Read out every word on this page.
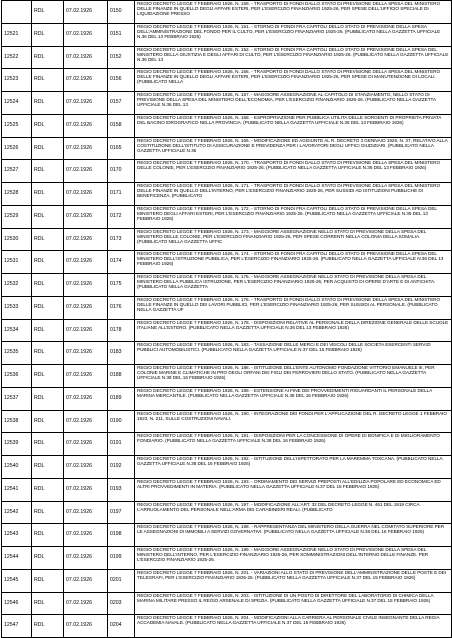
	RDL	07.02.1926	0150	REGIO DECRETO LEGGE 7 FEBBRAIO 1926, N. 159. - TRASPORTO DI FONDI DALLO STATO DI PREVISIONE DELLA SPESA DEL MINISTERO DELLE FINANZE IN QUELLO DEGLI AFFARI ESTERI, PER L'ESERCIZIO FINANZIARIO 1925-26, PER SPESE DELL'UFFICIO SPECIALE DI LIQUIDAZIONE PRESSO
12521	RDL	07.02.1926	0151	REGIO DECRETO LEGGE 7 FEBBRAIO 1926, N. 151. - STORNO DI FONDI FRA CAPITOLI DELLO STATO DI PREVISIONE DELLA SPESA DELL'AMMINISTRAZIONE DEL FONDO PER IL CULTO, PER L'ESERCIZIO FINANZIARIO 1925-26. (PUBBLICATO NELLA GAZZETTA UFFICIALE N.36 DEL 13 FEBBRAIO 1926)
12522	RDL	07.02.1926	0152	REGIO DECRETO LEGGE 7 FEBBRAIO 1926, N. 152. - STORNO DI FONDI FRA CAPITOLI DELLO STATO DI PREVISIONE DELLA SPESA DEL MINISTERO DELLA GIUSTIZIA E DEGLI AFFARI DI CULTO, PER L'ESERCIZIO FINANZIARIO 1925-26. (PUBBLICATO NELLA GAZZETTA UFFICIALE N.36 DEL 13
12523	RDL	07.02.1926	0156	REGIO DECRETO LEGGE 7 FEBBRAIO 1926, N. 156. - TRASPORTO DI FONDI DALLO STATO DI PREVISIONE DELLA SPESA DEL MINISTERO DELLE FINANZE IN QUELLO DEGLI AFFARI ESTERI, PER L'ESERCIZIO FINANZIARIO 1925-26, PER SPESE DI MANUTENZIONE DI LOCALI. (PUBBLICATO NELLA
12524	RDL	07.02.1926	0157	REGIO DECRETO LEGGE 7 FEBBRAIO 1926, N. 157. - MAGGIORE ASSEGNAZIONE AL CAPITOLO DI STANZIAMENTO, NELLO STATO DI PREVISIONE DELLA SPESA DEL MINISTERO DELL'ECONOMIA, PER L'ESERCIZIO FINANZIARIO 1925-26. (PUBBLICATO NELLA GAZZETTA UFFICIALE N.36 DEL 13
12525	RDL	07.02.1926	0158	REGIO DECRETO LEGGE 7 FEBBRAIO 1926, N. 158. - ESPROPRIAZIONE PER PUBBLICA UTILITA DELLE SORGENTI DI PROPRIETA PRIVATA DEL BACINO IDROGRAFICO NELLA PROVINCIA. (PUBBLICATO NELLA GAZZETTA UFFICIALE N.36 DEL 13 FEBBRAIO 1926)
12526	RDL	07.02.1926	0165	REGIO DECRETO LEGGE 7 FEBBRAIO 1926, N. 165. - MODIFICAZIONE ED AGGIUNTE AL R. DECRETO 3 GENNAIO 1926, N. 37, RELATIVO ALLA COSTITUZIONE DELL'ISTITUTO DI ASSICURAZIONE E PREVIDENZA PER I LAVORATORI DEGLI UFFICI GIUDIZIARI. (PUBBLICATO NELLA GAZZETTA UFFICIALE N.36
12527	RDL	07.02.1926	0170	REGIO DECRETO LEGGE 7 FEBBRAIO 1926, N. 170. - TRASPORTO DI FONDI DALLO STATO DI PREVISIONE DELLA SPESA DEL MINISTERO DELLE COLONIE, PER L'ESERCIZIO FINANZIARIO 1925-26. (PUBBLICATO NELLA GAZZETTA UFFICIALE N.36 DEL 13 FEBBRAIO 1926)
12528	RDL	07.02.1926	0171	REGIO DECRETO LEGGE 7 FEBBRAIO 1926, N. 171. - TRASPORTO DI FONDI DALLO STATO DI PREVISIONE DELLA SPESA DEL MINISTERO DELLE FINANZE IN QUELLO DELL'INTERNO, PER L'ESERCIZIO FINANZIARIO 1925-26, PER SUSSIDI AD ISTITUZIONI PUBBLICHE DI BENEFICENZA. (PUBBLICATO
12529	RDL	07.02.1926	0172	REGIO DECRETO LEGGE 7 FEBBRAIO 1926, N. 172. - STORNO DI FONDI FRA CAPITOLI DELLO STATO DI PREVISIONE DELLA SPESA DEL MINISTERO DEGLI AFFARI ESTERI, PER L'ESERCIZIO FINANZIARIO 1925-26. (PUBBLICATO NELLA GAZZETTA UFFICIALE N.36 DEL 13 FEBBRAIO 1926)
12530	RDL	07.02.1926	0173	REGIO DECRETO LEGGE 7 FEBBRAIO 1926, N. 173. - MAGGIORE ASSEGNAZIONE NELLO STATO DI PREVISIONE DELLA SPESA DEL MINISTERO DELLE COLONIE, PER L'ESERCIZIO FINANZIARIO 1925-26, PER SPESE CORRENTI NELLA COLONIA DELLA SOMALIA. (PUBBLICATO NELLA GAZZETTA UFFIC
12531	RDL	07.02.1926	0174	REGIO DECRETO LEGGE 7 FEBBRAIO 1926, N. 174. - STORNO DI FONDI FRA CAPITOLI DELLO STATO DI PREVISIONE DELLA SPESA DEL MINISTERO DELL'ISTRUZIONE PUBBLICA, PER L'ESERCIZIO FINANZIARIO 1925-26. (PUBBLICATO NELLA GAZZETTA UFFICIALE N.36 DEL 13 FEBBRAIO 1926)
12532	RDL	07.02.1926	0175	REGIO DECRETO LEGGE 7 FEBBRAIO 1926, N. 175. - MAGGIORE ASSEGNAZIONE NELLO STATO DI PREVISIONE DELLA SPESA DEL MINISTERO DELLA PUBBLICA ISTRUZIONE, PER L'ESERCIZIO FINANZIARIO 1925-26, PER ACQUISTO DI OPERE D'ARTE E DI ANTICHITA. (PUBBLICATO NELLA GAZZETTA
12533	RDL	07.02.1926	0176	REGIO DECRETO LEGGE 7 FEBBRAIO 1926, N. 176. - TRASPORTO DI FONDI DALLO STATO DI PREVISIONE DELLA SPESA DEL MINISTERO DELLE FINANZE IN QUELLO DEI LAVORI PUBBLICI, PER L'ESERCIZIO FINANZIARIO 1925-26, PER SUSSIDI AL PERSONALE. (PUBBLICATO NELLA GAZZETTA UF
12534	RDL	07.02.1926	0178	REGIO DECRETO LEGGE 7 FEBBRAIO 1926, N. 178. - DISPOSIZIONI RELATIVE AL PERSONALE DELLA DIREZIONE GENERALE DELLE SCUOLE ITALIANE ALL'ESTERO. (PUBBLICATO NELLA GAZZETTA UFFICIALE N.36 DEL 13 FEBBRAIO 1926)
12535	RDL	07.02.1926	0183	REGIO DECRETO LEGGE 7 FEBBRAIO 1926, N. 183. - TASSAZIONE DELLE MERCI E DEI VEICOLI DELLE SOCIETA ESERCENTI SERVIZI PUBBLICI AUTOMOBILISTICI. (PUBBLICATO NELLA GAZZETTA UFFICIALE N.37 DEL 15 FEBBRAIO 1926)
12536	RDL	07.02.1926	0188	REGIO DECRETO LEGGE 7 FEBBRAIO 1926, N. 188. - ISTITUZIONE DELL'ENTE AUTONOMO FONDAZIONE VITTORIO EMANUELE III, PER COLONIE MARINE E CLIMATICHE IN PRO DEGLI ORFANI DEI FIGLI DEI FERROVIERI DELLO STATO. (PUBBLICATO NELLA GAZZETTA UFFICIALE N.38 DEL 16 FEBBRAIO 1926)
12537	RDL	07.02.1926	0189	REGIO DECRETO LEGGE 7 FEBBRAIO 1926, N. 189. - ESTENSIONE AI FINE DEI PROVVEDIMENTI RIGUARDANTI IL PERSONALE DELLA MARINA MERCANTILE. (PUBBLICATO NELLA GAZZETTA UFFICIALE N.38 DEL 16 FEBBRAIO 1926)
12538	RDL	07.02.1926	0190	REGIO DECRETO LEGGE 7 FEBBRAIO 1926, N. 190. - INTEGRAZIONE DEI FONDI PER L'APPLICAZIONE DEL R. DECRETO LEGGE 1 FEBBRAIO 1923, N. 211, SULLE COSTRUZIONI NAVALI.
12539	RDL	07.02.1926	0191	REGIO DECRETO LEGGE 7 FEBBRAIO 1926, N. 191. - DISPOSIZIONI PER LA CONCESSIONE DI OPERE DI BONIFICA E DI MIGLIORAMENTO FONDIARIO. (PUBBLICATO NELLA GAZZETTA UFFICIALE N.38 DEL 16 FEBBRAIO 1926)
12540	RDL	07.02.1926	0192	REGIO DECRETO LEGGE 7 FEBBRAIO 1926, N. 192. - ISTITUZIONE DELL'ISPETTORATO PER LA MAREMMA TOSCANA. (PUBBLICATO NELLA GAZZETTA UFFICIALE N.38 DEL 16 FEBBRAIO 1926)
12541	RDL	07.02.1926	0193	REGIO DECRETO LEGGE 7 FEBBRAIO 1926, N. 193. - ORDINAMENTO DEI SERVIZI PREPOSTI ALL'EDILIZIA POPOLARE ED ECONOMICA ED ALTRI PROVVEDIMENTI IN MATERIA. (PUBBLICATO NELLA GAZZETTA UFFICIALE N.37 DEL 15 FEBBRAIO 1926)
12542	RDL	07.02.1926	0197	REGIO DECRETO LEGGE 7 FEBBRAIO 1926, N. 197. - MODIFICAZIONE ALL'ART. 32 DEL DECRETO LEGGE N. 461 DEL 1919 CIRCA L'ARRUOLAMENTO DEL PERSONALE NELL'ARMA DEI CARABINIERI REALI. (PUBBLICATO
12543	RDL	07.02.1926	0198	REGIO DECRETO LEGGE 7 FEBBRAIO 1926, N. 198. - RAPPRESENTANZA DEL MINISTERO DELLA GUERRA NEL COMITATO SUPERIORE PER LE ASSEGNAZIONI DI IMMOBILI A SERVIZI GOVERNATIVI. (PUBBLICATO NELLA GAZZETTA UFFICIALE N.38 DEL 16 FEBBRAIO 1926)
12544	RDL	07.02.1926	0199	REGIO DECRETO LEGGE 7 FEBBRAIO 1926, N. 199. - MAGGIORE ASSEGNAZIONE NELLO STATO DI PREVISIONE DELLA SPESA DEL MINISTERO DELL'INTERNO, PER L'ESERCIZIO FINANZIARIO 1925-26, PER SOMMINISTRAZIONI DELL'INTERNO DELLE FINANZE. PER L'ESERCIZIO FINANZIARIO 1925-26.
12545	RDL	07.02.1926	0201	REGIO DECRETO LEGGE 7 FEBBRAIO 1926, N. 201. - VARIAZIONI ALLO STATO DI PREVISIONE DELL'AMMINISTRAZIONE DELLE POSTE E DEI TELEGRAFI, PER L'ESERCIZIO FINANZIARIO 1925-26. (PUBBLICATO NELLA GAZZETTA UFFICIALE N.37 DEL 15 FEBBRAIO 1926)
12546	RDL	07.02.1926	0203	REGIO DECRETO LEGGE 7 FEBBRAIO 1926, N. 203. - ISTITUZIONE DI UN POSTO DI DIRETTORE DEL LABORATORIO DI CHIMICA DELLA MARINA MILITARE PRESSO IL REGIO ARSENALE DI SPEZIA. (PUBBLICATO NELLA GAZZETTA UFFICIALE N.37 DEL 15 FEBBRAIO 1926)
12547	RDL	07.02.1926	0204	REGIO DECRETO LEGGE 7 FEBBRAIO 1926, N. 204. - MODIFICAZIONI ALLA CARRIERA AL PERSONALE CIVILE INSEGNANTE DELLA REGIA ACCADEMIA NAVALE. (PUBBLICATO NELLA GAZZETTA UFFICIALE N.37 DEL 15 FEBBRAIO 1926)
